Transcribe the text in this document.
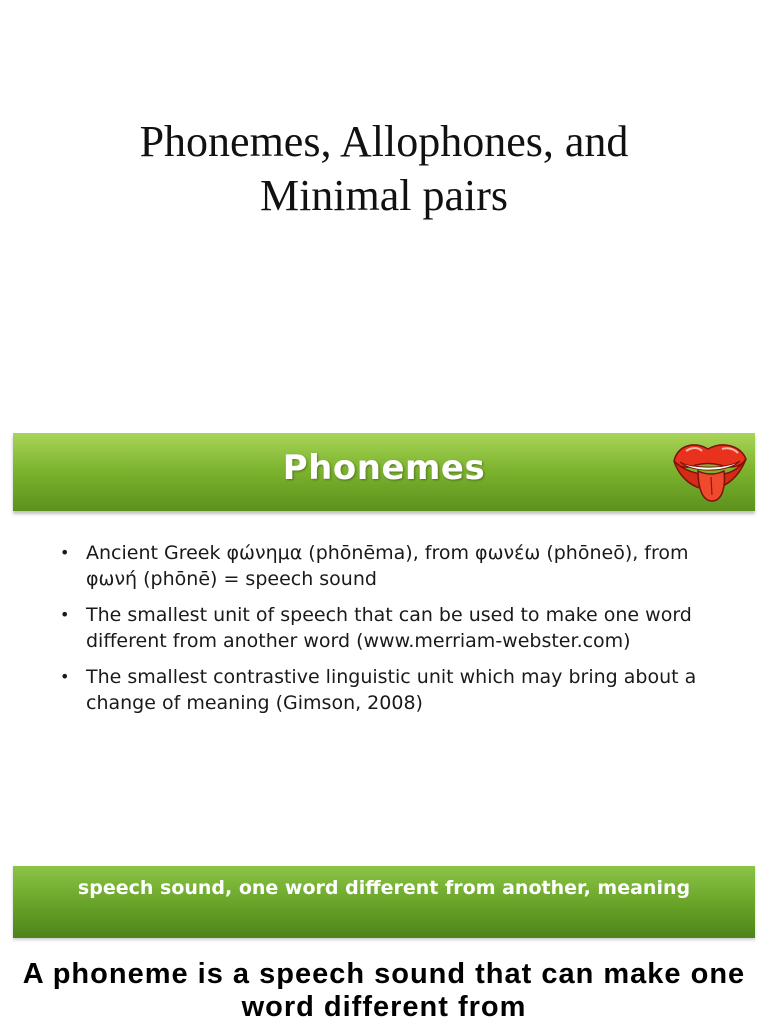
Phonemes, Allophones, and
Minimal pairs
Phonemes
• Ancient Greek φώνημα (phōnēma), from φωνέω (phōneō), from φωνή (phōnē) = speech sound
• The smallest unit of speech that can be used to make one word different from another word (www.merriam-webster.com)
• The smallest contrastive linguistic unit which may bring about a change of meaning (Gimson, 2008)
speech sound, one word different from another, meaning

A phoneme is a speech sound that can make one word different from
